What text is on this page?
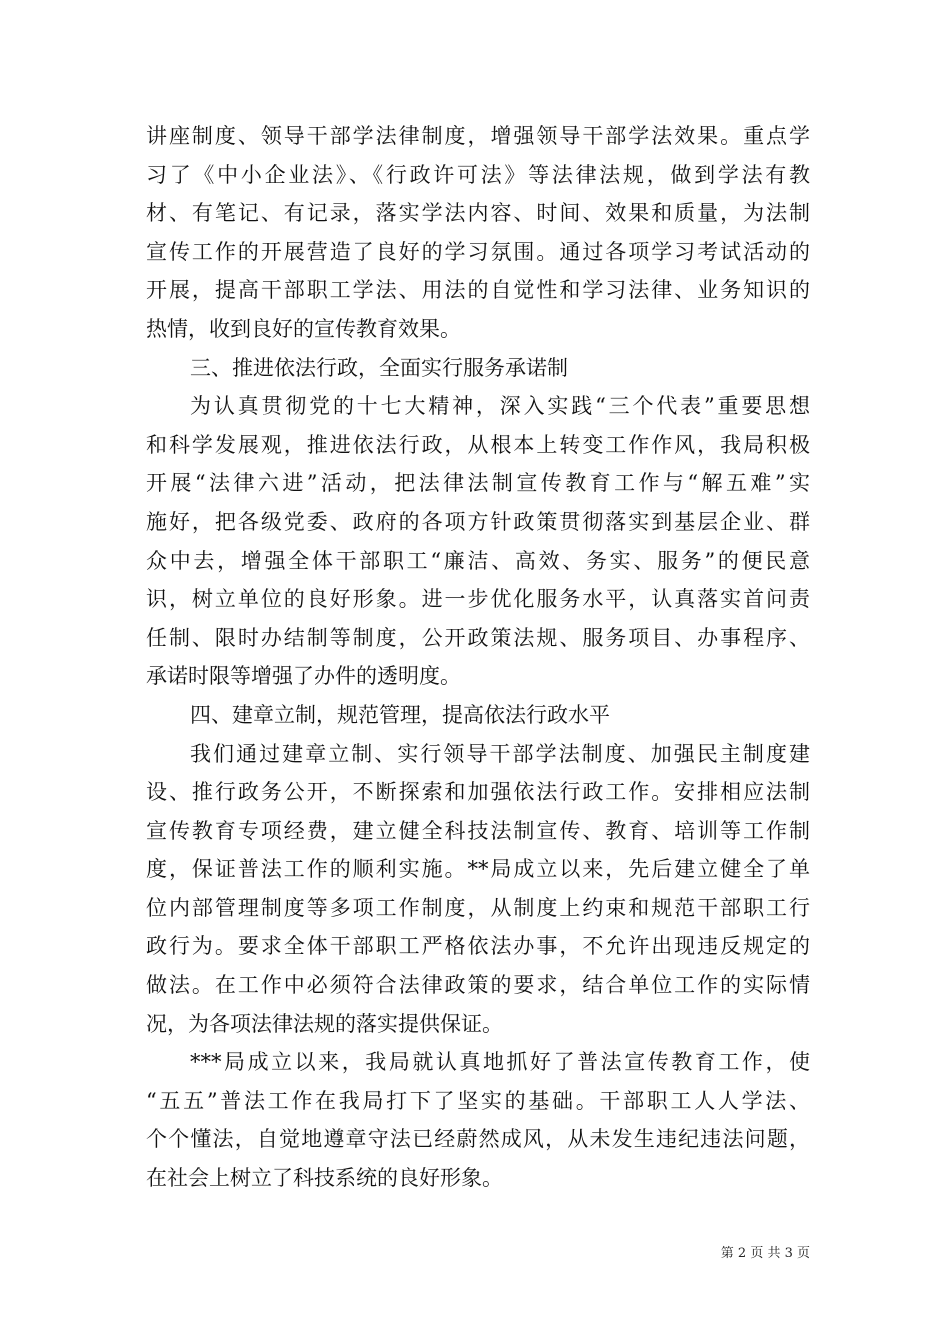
讲座制度、领导干部学法律制度，增强领导干部学法效果。重点学
习了《中小企业法》、《行政许可法》等法律法规，做到学法有教
材、有笔记、有记录，落实学法内容、时间、效果和质量，为法制
宣传工作的开展营造了良好的学习氛围。通过各项学习考试活动的
开展，提高干部职工学法、用法的自觉性和学习法律、业务知识的
热情，收到良好的宣传教育效果。
三、推进依法行政，全面实行服务承诺制
为认真贯彻党的十七大精神，深入实践“三个代表”重要思想
和科学发展观，推进依法行政，从根本上转变工作作风，我局积极
开展“法律六进”活动，把法律法制宣传教育工作与“解五难”实
施好，把各级党委、政府的各项方针政策贯彻落实到基层企业、群
众中去，增强全体干部职工“廉洁、高效、务实、服务”的便民意
识，树立单位的良好形象。进一步优化服务水平，认真落实首问责
任制、限时办结制等制度，公开政策法规、服务项目、办事程序、
承诺时限等增强了办件的透明度。
四、建章立制，规范管理，提高依法行政水平
我们通过建章立制、实行领导干部学法制度、加强民主制度建
设、推行政务公开，不断探索和加强依法行政工作。安排相应法制
宣传教育专项经费，建立健全科技法制宣传、教育、培训等工作制
度，保证普法工作的顺利实施。**局成立以来，先后建立健全了单
位内部管理制度等多项工作制度，从制度上约束和规范干部职工行
政行为。要求全体干部职工严格依法办事，不允许出现违反规定的
做法。在工作中必须符合法律政策的要求，结合单位工作的实际情
况，为各项法律法规的落实提供保证。
***局成立以来，我局就认真地抓好了普法宣传教育工作，使
“五五”普法工作在我局打下了坚实的基础。干部职工人人学法、
个个懂法，自觉地遵章守法已经蔚然成风，从未发生违纪违法问题，
在社会上树立了科技系统的良好形象。
第 2 页 共 3 页
